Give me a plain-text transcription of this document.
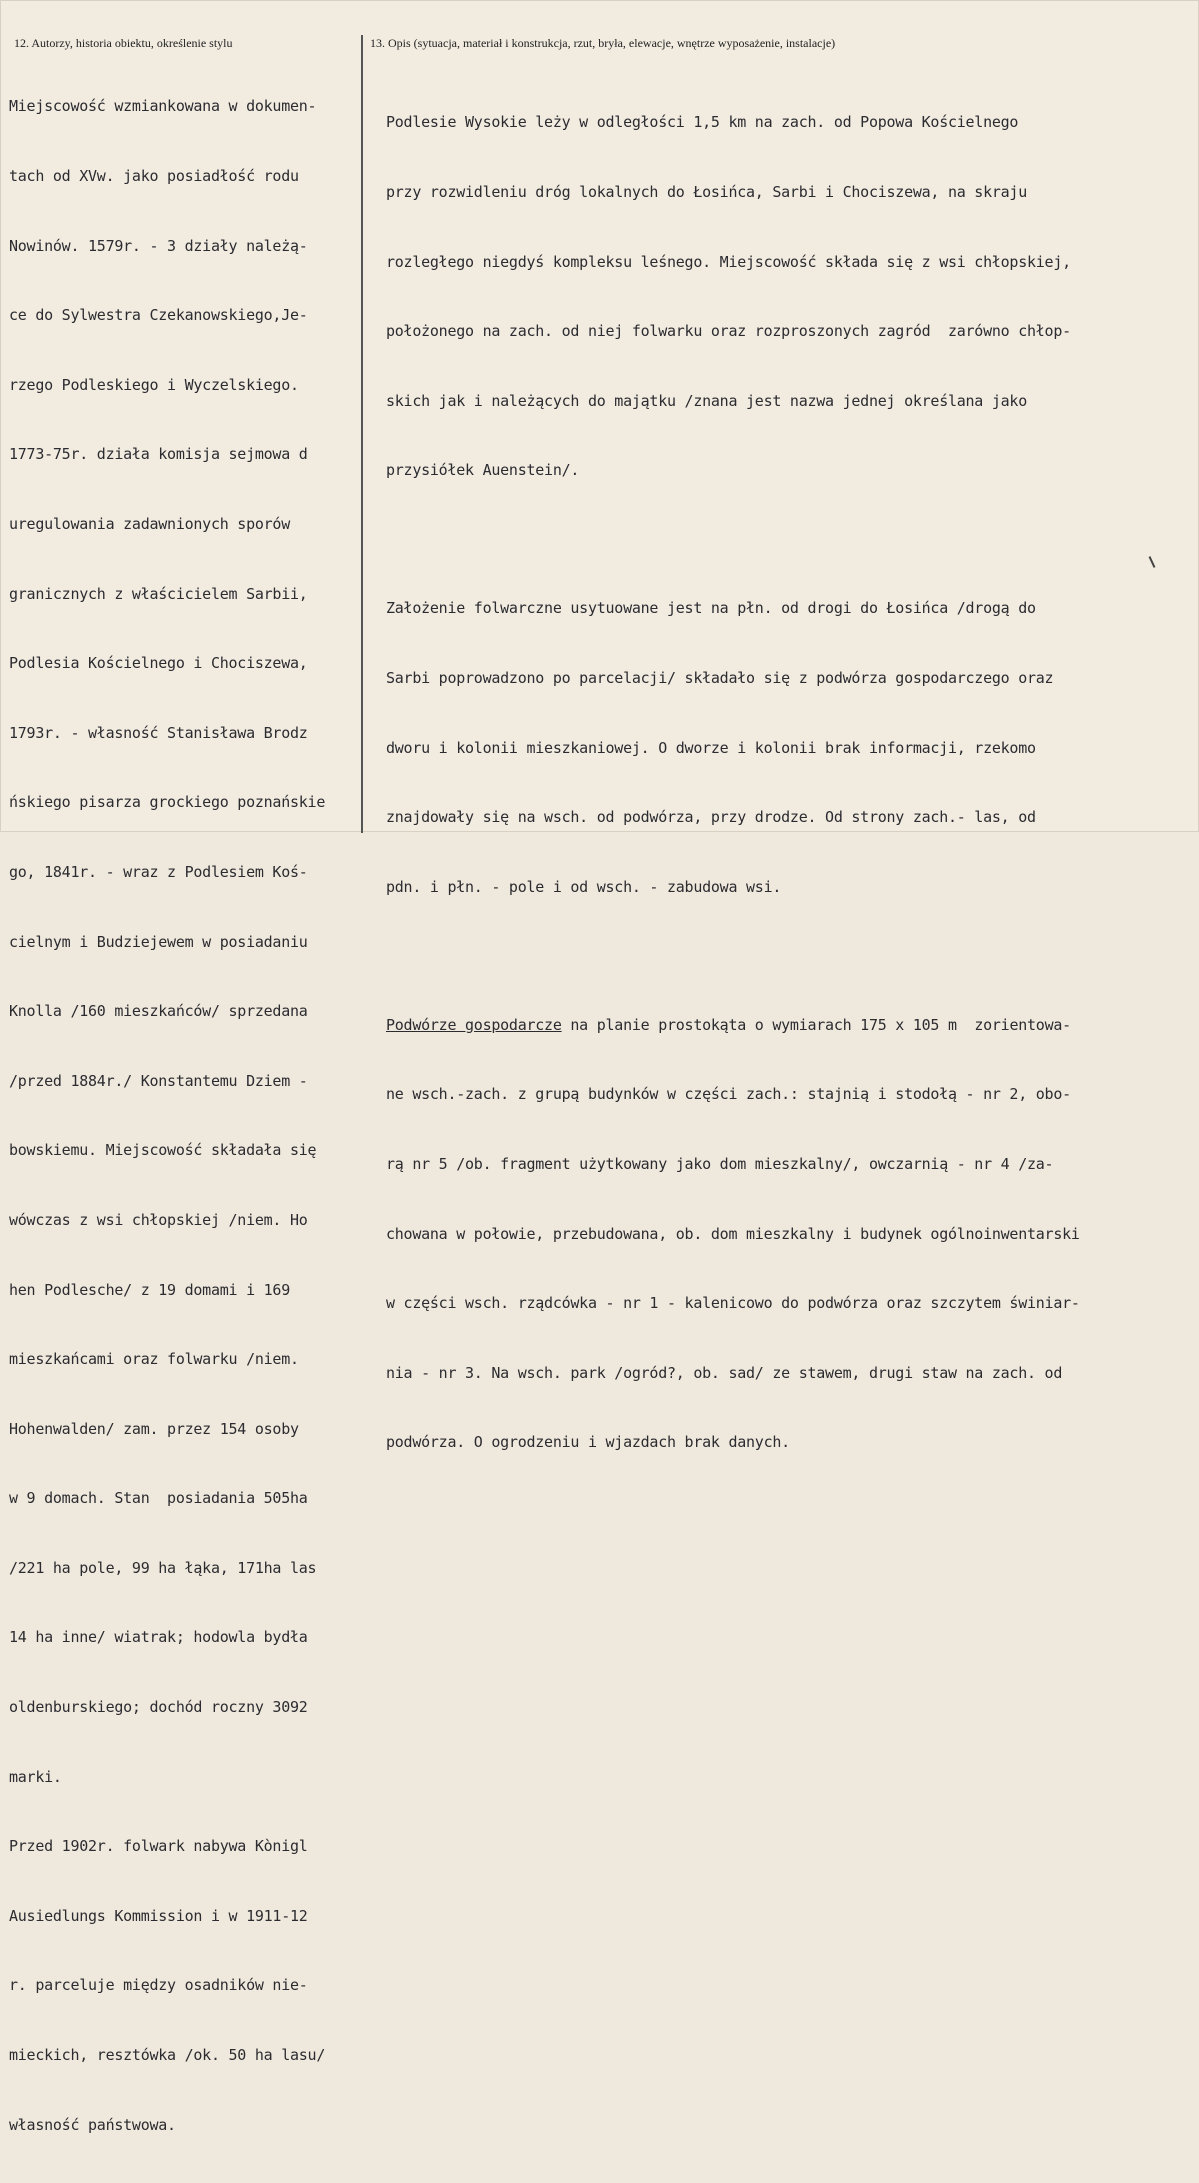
12. Autorzy, historia obiektu, określenie stylu	13. Opis (sytuacja, materiał i konstrukcja, rzut, bryła, elewacje, wnętrze wyposażenie, instalacje)

Miejscowość wzmiankowana w dokumen-

tach od XVw. jako posiadłość rodu

Nowinów. 1579r. - 3 działy należą-

ce do Sylwestra Czekanowskiego,Je-

rzego Podleskiego i Wyczelskiego.

1773-75r. działa komisja sejmowa d

uregulowania zadawnionych sporów

granicznych z właścicielem Sarbii,

Podlesia Kościelnego i Chociszewa,

1793r. - własność Stanisława Brodz

ńskiego pisarza grockiego poznańskie

go, 1841r. - wraz z Podlesiem Koś-

cielnym i Budziejewem w posiadaniu

Knolla /160 mieszkańców/ sprzedana

/przed 1884r./ Konstantemu Dziem -

bowskiemu. Miejscowość składała się

wówczas z wsi chłopskiej /niem. Ho

hen Podlesche/ z 19 domami i 169

mieszkańcami oraz folwarku /niem.

Hohenwalden/ zam. przez 154 osoby

w 9 domach. Stan  posiadania 505ha

/221 ha pole, 99 ha łąka, 171ha las

14 ha inne/ wiatrak; hodowla bydła

oldenburskiego; dochód roczny 3092

marki.

Przed 1902r. folwark nabywa Kònigl

Ausiedlungs Kommission i w 1911-12

r. parceluje między osadników nie-

mieckich, resztówka /ok. 50 ha lasu/

własność państwowa.

Podlesie Wysokie leży w odległości 1,5 km na zach. od Popowa Kościelnego

przy rozwidleniu dróg lokalnych do Łosińca, Sarbi i Chociszewa, na skraju

rozległego niegdyś kompleksu leśnego. Miejscowość składa się z wsi chłopskiej,

położonego na zach. od niej folwarku oraz rozproszonych zagród  zarówno chłop-

skich jak i należących do majątku /znana jest nazwa jednej określana jako

przysiółek Auenstein/.

Założenie folwarczne usytuowane jest na płn. od drogi do Łosińca /drogą do

Sarbi poprowadzono po parcelacji/ składało się z podwórza gospodarczego oraz

dworu i kolonii mieszkaniowej. O dworze i kolonii brak informacji, rzekomo

znajdowały się na wsch. od podwórza, przy drodze. Od strony zach.- las, od

pdn. i płn. - pole i od wsch. - zabudowa wsi.

Podwórze gospodarcze na planie prostokąta o wymiarach 175 x 105 m  zorientowa-

ne wsch.-zach. z grupą budynków w części zach.: stajnią i stodołą - nr 2, obo-

rą nr 5 /ob. fragment użytkowany jako dom mieszkalny/, owczarnią - nr 4 /za-

chowana w połowie, przebudowana, ob. dom mieszkalny i budynek ogólnoinwentarski

w części wsch. rządcówka - nr 1 - kalenicowo do podwórza oraz szczytem świniar-

nia - nr 3. Na wsch. park /ogród?, ob. sad/ ze stawem, drugi staw na zach. od

podwórza. O ogrodzeniu i wjazdach brak danych.
